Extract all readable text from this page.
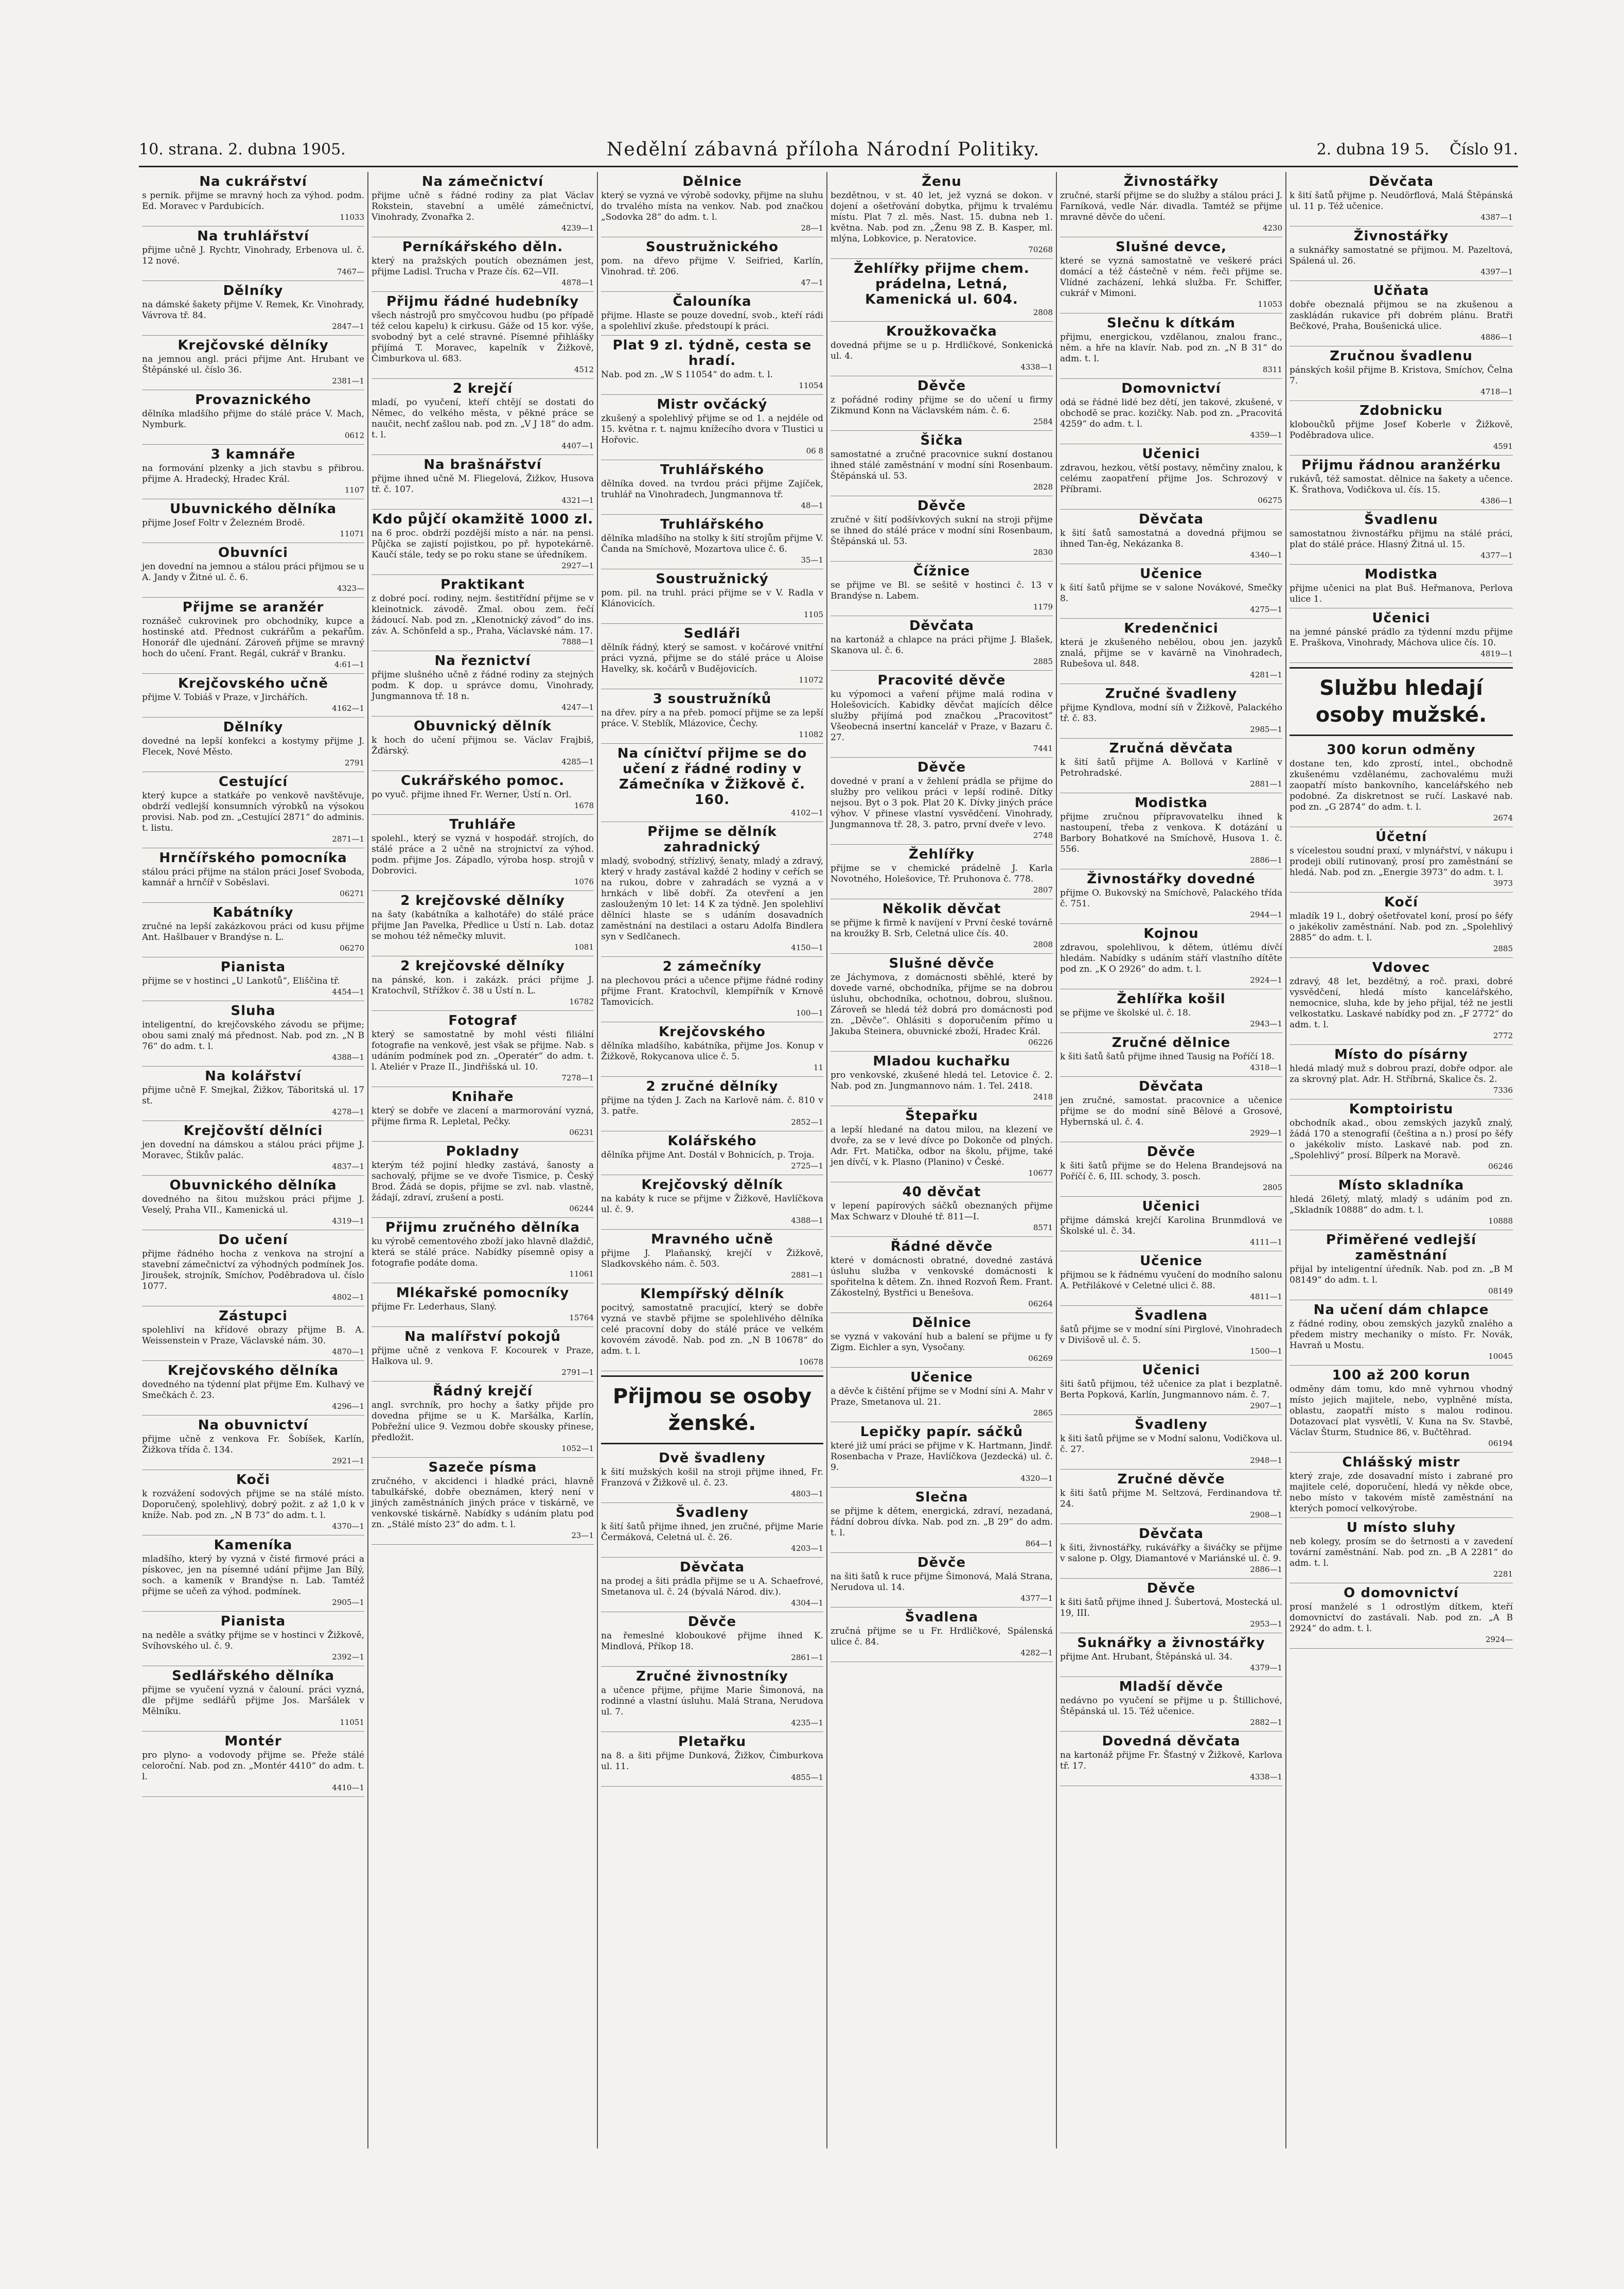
10. strana. 2. dubna 1905.	Nedělní zábavná příloha Národní Politiky.	2. dubna 19 5. Číslo 91.
Na cukrářství

s pernik. přijme se mravný hoch za výhod. podm. Ed. Moravec v Pardubicích.

11033

Na truhlářství

přijme učně J. Rychtr, Vinohrady, Erbenova ul. č. 12 nové.

7467—

Dělníky

na dámské šakety přijme V. Remek, Kr. Vinohrady, Vávrova tř. 84.

2847—1

Krejčovské dělníky

na jemnou angl. práci přijme Ant. Hrubant ve Štěpánské ul. číslo 36.

2381—1

Provaznického

dělníka mladšího přijme do stálé práce V. Mach, Nymburk.

0612

3 kamnáře

na formování plzenky a jich stavbu s přibrou. přijme A. Hradecký, Hradec Král.

1107

Ubuvnického dělníka

přijme Josef Foltr v Železném Brodě.

11071

Obuvníci

jen dovední na jemnou a stálou práci přijmou se u A. Jandy v Žitné ul. č. 6.

4323—

Přijme se aranžér

roznášeč cukrovinek pro obchodníky, kupce a hostinské atd. Přednost cukrářům a pekařům. Honorář dle ujednání. Zároveň přijme se mravný hoch do učení. Frant. Regál, cukrář v Branku.

4:61—1

Krejčovského učně

přijme V. Tobiáš v Praze, v Jirchářích.

4162—1

Dělníky

dovedné na lepší konfekci a kostymy přijme J. Flecek, Nové Město.

2791

Cestující

který kupce a statkáře po venkově navštěvuje, obdrží vedlejší konsumních výrobků na výsokou provisi. Nab. pod zn. „Cestující 2871“ do adminis. t. listu.

2871—1

Hrnčířského pomocníka

stálou práci přijme na stálon práci Josef Svoboda, kamnář a hrnčíř v Soběslavi.

06271

Kabátníky

zručné na lepší zakázkovou práci od kusu přijme Ant. Hašlbauer v Brandýse n. L.

06270

Pianista

přijme se v hostinci „U Lankotů“, Eliščina tř.

4454—1

Sluha

inteligentní, do krejčovského závodu se přijme; obou sami znalý má přednost. Nab. pod zn. „N B 76“ do adm. t. l.

4388—1

Na kolářství

přijme učně F. Smejkal, Žižkov, Táboritská ul. 17 st.

4278—1

Krejčovští dělníci

jen dovední na dámskou a stálou práci přijme J. Moravec, Štikův palác.

4837—1

Obuvnického dělníka

dovedného na šitou mužskou práci přijme J. Veselý, Praha VII., Kamenická ul.

4319—1

Do učení

přijme řádného hocha z venkova na strojní a stavební zámečnictví za výhodných podmínek Jos. Jiroušek, strojník, Smíchov, Poděbradova ul. číslo 1077.

4802—1

Zástupci

spolehliví na křídové obrazy přijme B. A. Weissenstein v Praze, Václavské nám. 30.

4870—1

Krejčovského dělníka

dovedného na týdenní plat přijme Em. Kulhavý ve Smečkách č. 23.

4296—1

Na obuvnictví

přijme učně z venkova Fr. Šobíšek, Karlín, Žižkova třída č. 134.

2921—1

Koči

k rozvážení sodových přijme se na stálé místo. Doporučený, spolehlivý, dobrý požit. z až 1,0 k v kníže. Nab. pod zn. „N B 73“ do adm. t. l.

4370—1

Kameníka

mladšího, který by vyzná v čisté firmové práci a pískovec, jen na písemné udání přijme Jan Bílý, soch. a kameník v Brandýse n. Lab. Tamtéž přijme se učeň za výhod. podmínek.

2905—1

Pianista

na neděle a svátky přijme se v hostinci v Žižkově, Svíhovského ul. č. 9.

2392—1

Sedlářského dělníka

přijme se vyučení vyzná v čalouní. práci vyzná, dle přijme sedlářů přijme Jos. Maršálek v Mělníku.

11051

Montér

pro plyno- a vodovody přijme se. Přeže stálé celoroční. Nab. pod zn. „Montér 4410“ do adm. t. l.

4410—1

Na zámečnictví

přijme učně s řádné rodiny za plat Václav Rokstein, stavební a umělé zámečnictví, Vinohrady, Zvonařka 2.

4239—1

Perníkářského děln.

který na pražských poutích obeznámen jest, přijme Ladisl. Trucha v Praze čís. 62—VII.

4878—1

Přijmu řádné hudebníky

všech nástrojů pro smyčcovou hudbu (po případě též celou kapelu) k cirkusu. Gáže od 15 kor. výše, svobodný byt a celé stravné. Písemné přihlášky přijímá T. Moravec, kapelník v Žižkově, Čimburkova ul. 683.

4512

2 krejčí

mladí, po vyučení, kteří chtějí se dostati do Němec, do velkého města, v pěkné práce se naučit, nechť zašlou nab. pod zn. „V J 18“ do adm. t. l.

4407—1

Na brašnářství

přijme ihned učně M. Fliegelová, Žižkov, Husova tř. č. 107.

4321—1

Kdo půjčí okamžitě 1000 zl.

na 6 proc. obdrží pozdější místo a nár. na pensi. Půjčka se zajistí pojistkou, po př. hypotekárně. Kaučí stále, tedy se po roku stane se úředníkem.

2927—1

Praktikant

z dobré pocí. rodiny, nejm. šestitřídní přijme se v kleinotnick. závodě. Zmal. obou zem. řečí žádoucí. Nab. pod zn. „Klenotnický závod“ do ins. záv. A. Schönfeld a sp., Praha, Václavské nám. 17.

7888—1

Na řeznictví

přijme slušného učně z řádné rodiny za stejných podm. K dop. u správce domu, Vinohrady, Jungmannova tř. 18 n.

4247—1

Obuvnický dělník

k hoch do učení přijmou se. Václav Frajbiš, Žďárský.

4285—1

Cukrářského pomoc.

po vyuč. přijme ihned Fr. Werner, Ústí n. Orl.

1678

Truhláře

spolehl., který se vyzná v hospodář. strojích, do stálé práce a 2 učně na strojnictví za výhod. podm. přijme Jos. Západlo, výroba hosp. strojů v Dobrovici.

1076

2 krejčovské dělníky

na šaty (kabátníka a kalhotáře) do stálé práce přijme Jan Pavelka, Předlice u Ústí n. Lab. dotaz se mohou též němečky mluvit.

1081

2 krejčovské dělníky

na pánské, kon. i zakázk. práci přijme J. Kratochvíl, Střížkov č. 38 u Ústí n. L.

16782

Fotograf

který se samostatně by mohl vésti filiální fotografie na venkově, jest však se přijme. Nab. s udáním podmínek pod zn. „Operatér“ do adm. t. l. Ateliér v Praze II., Jindřišská ul. 10.

7278—1

Knihaře

který se dobře ve zlacení a marmorování vyzná, přijme firma R. Lepletal, Pečky.

06231

Pokladny

kterým též pojiní hledky zastává, šanosty a sachovalý, přijme se ve dvoře Tismice, p. Český Brod. Žádá se dopis, přijme se zvl. nab. vlastně, žádají, zdraví, zrušení a posti.

06244

Přijmu zručného dělníka

ku výrobě cementového zboží jako hlavně dlaždič, která se stálé práce. Nabídky písemně opisy a fotografie podáte doma.

11061

Mlékařské pomocníky

přijme Fr. Lederhaus, Slaný.

15764

Na malířství pokojů

přijme učně z venkova F. Kocourek v Praze, Halkova ul. 9.

2791—1

Řádný krejčí

angl. svrchník, pro hochy a šatky přijde pro dovedna přijme se u K. Maršálka, Karlín, Pobřežní ulice 9. Vezmou dobře skousky přinese, předložit.

1052—1

Sazeče písma

zručného, v akcidenci i hladké práci, hlavně tabulkářské, dobře obeznámen, který není v jiných zaměstnáních jiných práce v tiskárně, ve venkovské tiskárně. Nabídky s udáním platu pod zn. „Stálé místo 23“ do adm. t. l.

23—1

Dělnice

který se vyzná ve výrobě sodovky, přijme na sluhu do trvalého místa na venkov. Nab. pod značkou „Sodovka 28“ do adm. t. l.

28—1

Soustružnického

pom. na dřevo přijme V. Seifried, Karlín, Vinohrad. tř. 206.

47—1

Čalouníka

přijme. Hlaste se pouze dovední, svob., kteří rádi a spolehliví zkuše. předstoupí k práci.

Plat 9 zl. týdně, cesta se hradí.

Nab. pod zn. „W S 11054“ do adm. t. l.

11054

Mistr ovčácký

zkušený a spolehlivý přijme se od 1. a nejdéle od 15. května r. t. najmu knížecího dvora v Tlustici u Hořovic.

06 8

Truhlářského

dělníka doved. na tvrdou práci přijme Zajíček, truhlář na Vinohradech, Jungmannova tř.

48—1

Truhlářského

dělníka mladšího na stolky k šití strojům přijme V. Čanda na Smíchově, Mozartova ulice č. 6.

35—1

Soustružnický

pom. pil. na truhl. práci přijme se v V. Radla v Klánovicích.

1105

Sedláři

dělník řádný, který se samost. v kočárové vnitřní práci vyzná, přijme se do stálé práce u Aloise Havelky, sk. kočárů v Budějovicích.

11072

3 soustružníků

na dřev. píry a na přeb. pomocí přijme se za lepší práce. V. Steblík, Mlázovice, Čechy.

11082

Na cíničtví přijme se do učení z řádné rodiny v Zámečníka v Žižkově č. 160.

4102—1

Přijme se dělník zahradnický

mladý, svobodný, střízlivý, šenaty, mladý a zdravý, který v hrady zastával každé 2 hodiny v ceřích se na rukou, dobre v zahradách se vyzná a v hrnkách v libě dobří. Za otevření a jen zaslouženým 10 let: 14 K za týdně. Jen spolehliví dělníci hlaste se s udáním dosavadních zaměstnání na destilaci a ostaru Adolfa Bindlera syn v Sedlčanech.

4150—1

2 zámečníky

na plechovou práci a učence přijme řádné rodiny přijme Frant. Kratochvíl, klempířník v Krnově Tamovicích.

100—1

Krejčovského

dělníka mladšího, kabátníka, přijme Jos. Konup v Žižkově, Rokycanova ulice č. 5.

11

2 zručné dělníky

přijme na týden J. Zach na Karlově nám. č. 810 v 3. patře.

2852—1

Kolářského

dělníka přijme Ant. Dostál v Bohnicích, p. Troja.

2725—1

Krejčovský dělník

na kabáty k ruce se přijme v Žižkově, Havlíčkova ul. č. 9.

4388—1

Mravného učně

přijme J. Plaňanský, krejčí v Žižkově, Sladkovského nám. č. 503.

2881—1

Klempířský dělník

pocitvý, samostatně pracující, který se dobře vyzná ve stavbě přijme se spolehlivého dělníka celé pracovní doby do stálé práce ve velkém kovovém závodě. Nab. pod zn. „N B 10678“ do adm. t. l.

10678

Přijmou se osoby ženské.
Dvě švadleny

k šití mužských košil na stroji přijme ihned, Fr. Franzová v Žižkově ul. č. 23.

4803—1

Švadleny

k šití šatů přijme ihned, jen zručné, přijme Marie Čermáková, Celetná ul. č. 26.

4203—1

Děvčata

na prodej a šiti prádla přijme se u A. Schaefrové, Smetanova ul. č. 24 (bývalá Národ. div.).

4304—1

Děvče

na řemeslné kloboukové přijme ihned K. Mindlová, Příkop 18.

2861—1

Zručné živnostníky

a učence přijme, přijme Marie Šimonová, na rodinné a vlastní úsluhu. Malá Strana, Nerudova ul. 7.

4235—1

Pletařku

na 8. a šiti přijme Dunková, Žižkov, Čimburkova ul. 11.

4855—1

Ženu

bezdětnou, v st. 40 let, jež vyzná se dokon. v dojení a ošetřování dobytka, přijmu k trvalému místu. Plat 7 zl. měs. Nast. 15. dubna neb 1. května. Nab. pod zn. „Ženu 98 Z. B. Kasper, ml. mlýna, Lobkovice, p. Neratovice.

70268

Žehlířky přijme chem. prádelna, Letná, Kamenická ul. 604.

2808

Kroužkovačka

dovedná přijme se u p. Hrdličkové, Sonkenická ul. 4.

4338—1

Děvče

z pořádné rodiny přijme se do učení u firmy Zikmund Konn na Václavském nám. č. 6.

2584

Šička

samostatné a zručné pracovnice sukní dostanou ihned stálé zaměstnání v modní síni Rosenbaum. Štěpánská ul. 53.

2828

Děvče

zručné v šití podšívkových sukní na stroji přijme se ihned do stálé práce v modní síni Rosenbaum, Štěpánská ul. 53.

2830

Čížnice

se přijme ve Bl. se sešitě v hostinci č. 13 v Brandýse n. Labem.

1179

Děvčata

na kartonáž a chlapce na práci přijme J. Blašek, Skanova ul. č. 6.

2885

Pracovité děvče

ku výpomoci a vaření přijme malá rodina v Holešovicích. Kabidky děvčat majících dělce služby přijímá pod značkou „Pracovitost“ Všeobecná insertní kancelář v Praze, v Bazaru č. 27.

7441

Děvče

dovedné v praní a v žehlení prádla se přijme do služby pro velikou práci v lepší rodině. Dítky nejsou. Byt o 3 pok. Plat 20 K. Dívky jiných práce výhov. V přinese vlastní vysvědčení. Vinohrady, Jungmannova tř. 28, 3. patro, první dveře v levo.

2748

Žehlířky

přijme se v chemické prádelně J. Karla Novotného, Holešovice, Tř. Pruhonova č. 778.

2807

Několik děvčat

se přijme k firmě k navíjení v První české továrně na kroužky B. Srb, Celetná ulice čís. 40.

2808

Slušné děvče

ze Jáchymova, z domácnosti sběhlé, které by dovede varné, obchodníka, přijme se na dobrou úsluhu, obchodníka, ochotnou, dobrou, slušnou. Zároveň se hledá též dobrá pro domácnosti pod zn. „Děvče“. Ohlásiti s doporučením přímo u Jakuba Steinera, obuvnické zboží, Hradec Král.

06226

Mladou kuchařku

pro venkovské, zkušené hledá tel. Letovice č. 2. Nab. pod zn. Jungmannovo nám. 1. Tel. 2418.

2418

Štepařku

a lepší hledané na datou milou, na klezení ve dvoře, za se v levé dívce po Dokonče od plných. Adr. Frt. Matička, odbor na školu, přijme, také jen dívčí, v k. Plasno (Planino) v České.

10677

40 děvčat

v lepení papírových sáčků obeznaných přijme Max Schwarz v Dlouhé tř. 811—I.

8571

Řádné děvče

které v domácnosti obratné, dovedné zastává úsluhu služba v venkovské domácnosti k spořitelna k dětem. Zn. ihned Rozvoň Řem. Frant. Zákostelný, Bystřici u Benešova.

06264

Dělnice

se vyzná v vakování hub a balení se přijme u fy Zigm. Eichler a syn, Vysočany.

06269

Učenice

a děvče k čištění přijme se v Modní síni A. Mahr v Praze, Smetanova ul. 21.

2865

Lepičky papír. sáčků

které již umí práci se přijme v K. Hartmann, Jindř. Rosenbacha v Praze, Havlíčkova (Jezdecká) ul. č. 9.

4320—1

Slečna

se přijme k dětem, energická, zdraví, nezadaná, řádní dobrou dívka. Nab. pod zn. „B 29“ do adm. t. l.

864—1

Děvče

na šiti šatů k ruce přijme Šimonová, Malá Strana, Nerudova ul. 14.

4377—1

Švadlena

zručná přijme se u Fr. Hrdličkové, Spálenská ulice č. 84.

4282—1

Živnostářky

zručné, starší přijme se do služby a stálou práci J. Farníková, vedle Nár. divadla. Tamtéž se přijme mravné děvče do učení.

4230

Slušné devce,

které se vyzná samostatně ve veškeré práci domácí a též částečně v ném. řeči přijme se. Vlídné zacházení, lehká služba. Fr. Schiffer, cukrář v Mimoni.

11053

Slečnu k dítkám

přijmu, energickou, vzdělanou, znalou franc., něm. a hře na klavír. Nab. pod zn. „N B 31“ do adm. t. l.

8311

Domovnictví

odá se řádné lidé bez dětí, jen takové, zkušené, v obchodě se prac. kozičky. Nab. pod zn. „Pracovitá 4259“ do adm. t. l.

4359—1

Učenici

zdravou, hezkou, větší postavy, němčiny znalou, k celému zaopatření přijme Jos. Schrozový v Příbrami.

06275

Děvčata

k šití šatů samostatná a dovedná přijmou se ihned Tan-ěg, Nekázanka 8.

4340—1

Učenice

k šití šatů přijme se v salone Novákové, Smečky 8.

4275—1

Kredenčnici

která je zkušeného nebělou, obou jen. jazyků znalá, přijme se v kavárně na Vinohradech, Rubešova ul. 848.

4281—1

Zručné švadleny

přijme Kyndlova, modní síň v Žižkově, Palackého tř. č. 83.

2985—1

Zručná děvčata

k šití šatů přijme A. Bollová v Karlíně v Petrohradské.

2881—1

Modistka

přijme zručnou přípravovatelku ihned k nastoupení, třeba z venkova. K dotázání u Barbory Bohatkové na Smíchově, Husova 1. č. 556.

2886—1

Živnostářky dovedné

přijme O. Bukovský na Smíchově, Palackého třída č. 751.

2944—1

Kojnou

zdravou, spolehlivou, k dětem, útlému dívčí hledám. Nabídky s udáním stáří vlastního dítěte pod zn. „K O 2926“ do adm. t. l.

2924—1

Žehlířka košil

se přijme ve školské ul. č. 18.

2943—1

Zručné dělnice

k šiti šatů šatů přijme ihned Tausig na Poříčí 18.

4318—1

Děvčata

jen zručné, samostat. pracovnice a učenice přijme se do modní síně Bělové a Grosové, Hybernská ul. č. 4.

2929—1

Děvče

k šiti šatů přijme se do Helena Brandejsová na Poříčí č. 6, III. schody, 3. posch.

2805

Učenici

přijme dámská krejčí Karolina Brunmdlová ve Školské ul. č. 34.

4111—1

Učenice

přijmou se k řádnému vyučení do modního salonu A. Petřilákové v Celetné ulici č. 88.

4811—1

Švadlena

šatů přijme se v modní síni Pirglové, Vinohradech v Divišově ul. č. 5.

1500—1

Učenici

šiti šatů přijmou, též učenice za plat i bezplatně. Berta Popková, Karlín, Jungmannovo nám. č. 7.

2907—1

Švadleny

k šiti šatů přijme se v Modní salonu, Vodičkova ul. č. 27.

2948—1

Zručné děvče

k šiti šatů přijme M. Seltzová, Ferdinandova tř. 24.

2908—1

Děvčata

k šiti, živnostářky, rukávářky a šiváčky se přijme v salone p. Olgy, Diamantové v Mariánské ul. č. 9.

2886—1

Děvče

k šiti šatů přijme ihned J. Šubertová, Mostecká ul. 19, III.

2953—1

Suknářky a živnostářky

přijme Ant. Hrubant, Štěpánská ul. 34.

4379—1

Mladší děvče

nedávno po vyučení se přijme u p. Štillichové, Štěpánská ul. 15. Též učenice.

2882—1

Dovedná děvčata

na kartonáž přijme Fr. Šťastný v Žižkově, Karlova tř. 17.

4338—1

Děvčata

k šití šatů přijme p. Neudörflová, Malá Štěpánská ul. 11 p. Též učenice.

4387—1

Živnostářky

a suknářky samostatné se přijmou. M. Pazeltová, Spálená ul. 26.

4397—1

Učňata

dobře obeznalá přijmou se na zkušenou a zaskládán rukavice při dobrém plánu. Bratři Bečkové, Praha, Boušenická ulice.

4886—1

Zručnou švadlenu

pánských košil přijme B. Kristova, Smíchov, Čelna 7.

4718—1

Zdobnicku

kloboučků přijme Josef Koberle v Žižkově, Poděbradova ulice.

4591

Přijmu řádnou aranžérku

rukávů, též samostat. dělnice na šakety a učence. K. Šrathova, Vodičkova ul. čís. 15.

4386—1

Švadlenu

samostatnou živnostářku přijmu na stálé práci, plat do stálé práce. Hlasný Žitná ul. 15.

4377—1

Modistka

přijme učenici na plat Buš. Heřmanova, Perlova ulice 1.

Učenici

na jemné pánské prádlo za týdenní mzdu přijme E. Praškova, Vinohrady, Máchova ulice čís. 10.

4819—1

Službu hledají osoby mužské.
300 korun odměny

dostane ten, kdo zprostí, intel., obchodně zkušenému vzdělanému, zachovalému muži zaopatří místo bankovního, kancelářského neb podobné. Za diskretnost se ručí. Laskavé nab. pod zn. „G 2874“ do adm. t. l.

2674

Účetní

s vícelestou soudní praxí, v mlynářství, v nákupu i prodeji obilí rutinovaný, prosí pro zaměstnání se hledá. Nab. pod zn. „Energie 3973“ do adm. t. l.

3973

Kočí

mladík 19 l., dobrý ošetřovatel koní, prosí po šéfy o jakékoliv zaměstnání. Nab. pod zn. „Spolehlivý 2885“ do adm. t. l.

2885

Vdovec

zdravý, 48 let, bezdětný, a roč. praxi, dobré vysvědčení, hledá místo kancelářského, nemocnice, sluha, kde by jeho přijal, též ne jestli velkostatku. Laskavé nabídky pod zn. „F 2772“ do adm. t. l.

2772

Místo do písárny

hledá mladý muž s dobrou prazí, dobře odpor. ale za skrovný plat. Adr. H. Stříbrná, Skalice čs. 2.

7336

Komptoiristu

obchodník akad., obou zemských jazyků znalý, žádá 170 a stenografií (čeština a n.) prosí po šéfy o jakékoliv místo. Laskavé nab. pod zn. „Spolehlivý“ prosí. Bílperk na Moravě.

06246

Místo skladníka

hledá 26letý, mlatý, mladý s udáním pod zn. „Skladník 10888“ do adm. t. l.

10888

Přiměřené vedlejší zaměstnání

přijal by inteligentní úředník. Nab. pod zn. „B M 08149“ do adm. t. l.

08149

Na učení dám chlapce

z řádné rodiny, obou zemských jazyků znalého a předem mistry mechaniky o místo. Fr. Novák, Havraň u Mostu.

10045

100 až 200 korun

odměny dám tomu, kdo mně vyhrnou vhodný místo jejich majitele, nebo, vyplněné místa, oblastu, zaopatří místo s malou rodinou. Dotazovací plat vysvětlí, V. Kuna na Sv. Stavbě, Václav Šturm, Studnice 86, v. Bučtěhrad.

06194

Chlášský mistr

který zraje, zde dosavadní místo i zabrané pro majitele celé, doporučení, hledá vy někde obce, nebo místo v takovém místě zaměstnání na kterých pomocí velkovýrobe.

U místo sluhy

neb kolegy, prosím se do šetrnosti a v zavedení tovární zaměstnání. Nab. pod zn. „B A 2281“ do adm. t. l.

2281

O domovnictví

prosí manželé s 1 odrostlým dítkem, kteří domovnictví do zastávali. Nab. pod zn. „A B 2924“ do adm. t. l.

2924—
